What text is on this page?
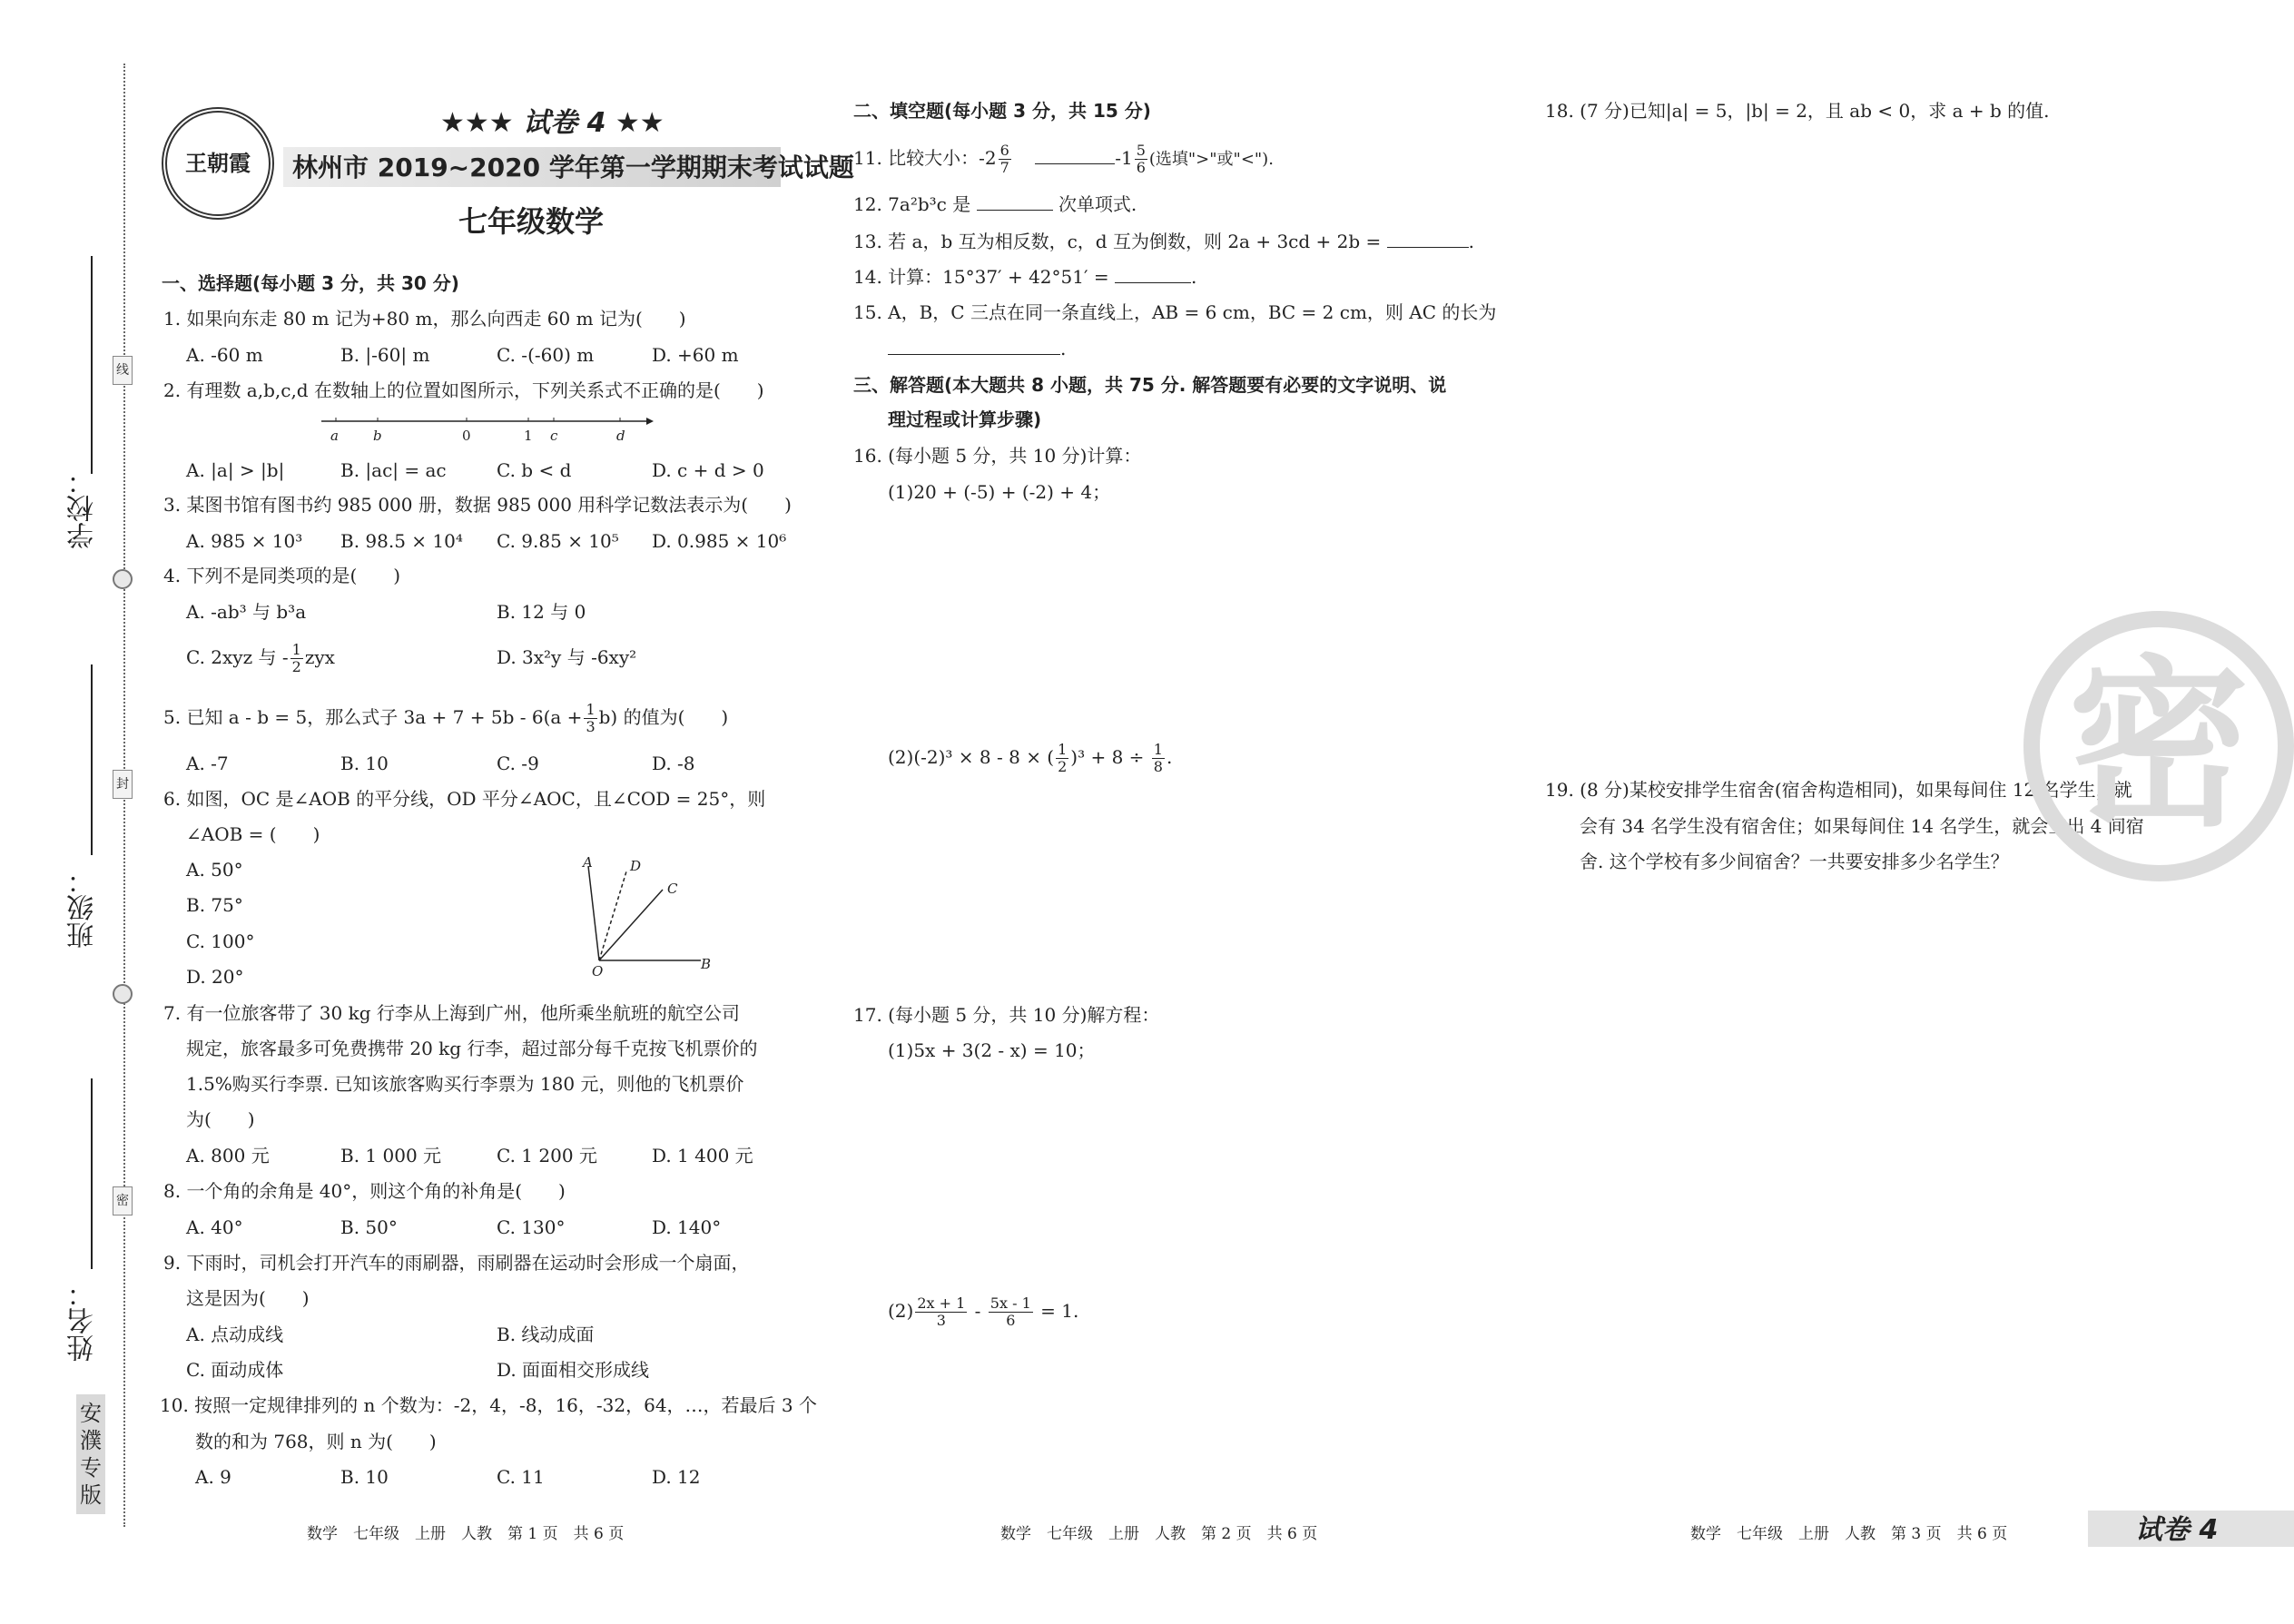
学校：
线
班级：
封
姓名：
密
安濮专版
王朝霞
★★★ 试卷 4 ★★
林州市 2019~2020 学年第一学期期末考试试题
七年级数学
一、选择题(每小题 3 分，共 30 分)
1. 如果向东走 80 m 记为+80 m，那么向西走 60 m 记为(　　)
A. -60 m	B. |-60| m	C. -(-60) m	D. +60 m
2. 有理数 a,b,c,d 在数轴上的位置如图所示，下列关系式不正确的是(　　)
a	b	0	1 c	d
A. |a| > |b|	B. |ac| = ac	C. b < d	D. c + d > 0
3. 某图书馆有图书约 985 000 册，数据 985 000 用科学记数法表示为(　　)
A. 985 × 10³ B. 98.5 × 10⁴ C. 9.85 × 10⁵ D. 0.985 × 10⁶
4. 下列不是同类项的是(　　)
A. -ab³ 与 b³a	B. 12 与 0
C. 2xyz 与 - $\frac{1}{2}$ zyx	D. 3x²y 与 -6xy²
5. 已知 a - b = 5，那么式子 $3a + 7 + 5b - 6(a + \frac{1}{3} b)$ 的值为(　　)
A. -7	B. 10	C. -9	D. -8
6. 如图，OC 是∠AOB 的平分线，OD 平分∠AOC，且∠COD = 25°，则
∠AOB = (　　)
A. 50°
B. 75°
C. 100°
D. 20°
A	D
C
O	B
7. 有一位旅客带了 30 kg 行李从上海到广州，他所乘坐航班的航空公司
规定，旅客最多可免费携带 20 kg 行李，超过部分每千克按飞机票价的
1.5%购买行李票. 已知该旅客购买行李票为 180 元，则他的飞机票价
为(　　)
A. 800 元	B. 1 000 元	C. 1 200 元	D. 1 400 元
8. 一个角的余角是 40°，则这个角的补角是(　　)
A. 40°	B. 50°	C. 130°	D. 140°
9. 下雨时，司机会打开汽车的雨刷器，雨刷器在运动时会形成一个扇面，
这是因为(　　)
A. 点动成线	B. 线动成面
C. 面动成体	D. 面面相交形成线
10. 按照一定规律排列的 n 个数为：-2，4，-8，16，-32，64，…，若最后 3 个
数的和为 768，则 n 为(　　)
A. 9	B. 10	C. 11	D. 12
二、填空题(每小题 3 分，共 15 分)
11. 比较大小：$-2 \frac{6}{7}$	$-1 \frac{5}{6}$ (选填">"或"<").
12. 7a²b³c 是	次单项式.
13. 若 a，b 互为相反数，c，d 互为倒数，则 2a + 3cd + 2b =	.
14. 计算：15°37′ + 42°51′ =	.
15. A，B，C 三点在同一条直线上，AB = 6 cm，BC = 2 cm，则 AC 的长为
.
三、解答题(本大题共 8 小题，共 75 分. 解答题要有必要的文字说明、说
理过程或计算步骤)
16. (每小题 5 分，共 10 分)计算：
(1)20 + (-5) + (-2) + 4；
(2)(-2)³ × 8 - 8 × ( $\frac{1}{2} )^3 + 8 \div \frac{1}{8}$ .
17. (每小题 5 分，共 10 分)解方程：
(1)5x + 3(2 - x) = 10；
$(2) \frac{2x + 1}{3} - \frac{5x - 1}{6} = 1$.
18. (7 分)已知|a| = 5，|b| = 2，且 ab < 0，求 a + b 的值.
19. (8 分)某校安排学生宿舍(宿舍构造相同)，如果每间住 12 名学生，就
会有 34 名学生没有宿舍住；如果每间住 14 名学生，就会空出 4 间宿
舍. 这个学校有多少间宿舍？一共要安排多少名学生？
密
数学　七年级　上册　人教　第 1 页　共 6 页	数学　七年级　上册　人教　第 2 页　共 6 页	数学　七年级　上册　人教　第 3 页　共 6 页	试卷 4
